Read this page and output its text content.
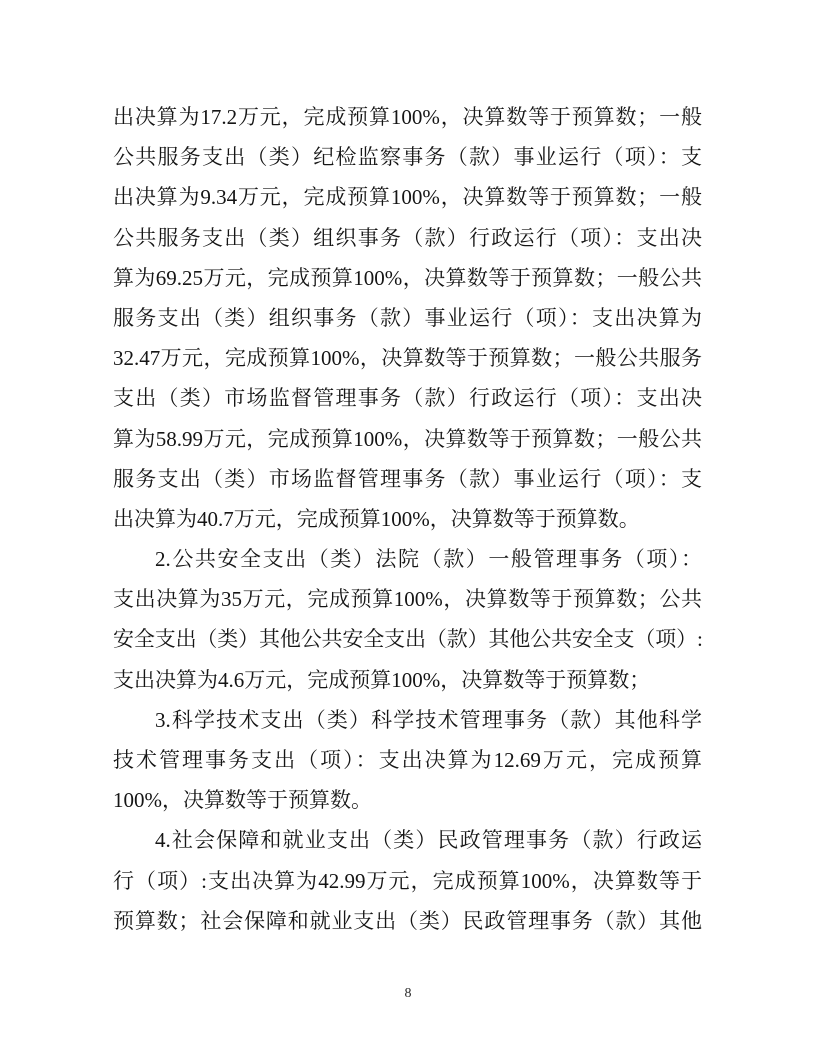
出决算为17.2万元，完成预算100%，决算数等于预算数；一般
公共服务支出（类）纪检监察事务（款）事业运行（项）：支
出决算为9.34万元，完成预算100%，决算数等于预算数；一般
公共服务支出（类）组织事务（款）行政运行（项）：支出决
算为69.25万元，完成预算100%，决算数等于预算数；一般公共
服务支出（类）组织事务（款）事业运行（项）：支出决算为
32.47万元，完成预算100%，决算数等于预算数；一般公共服务
支出（类）市场监督管理事务（款）行政运行（项）：支出决
算为58.99万元，完成预算100%，决算数等于预算数；一般公共
服务支出（类）市场监督管理事务（款）事业运行（项）：支
出决算为40.7万元，完成预算100%，决算数等于预算数。
2.公共安全支出（类）法院（款）一般管理事务（项）：
支出决算为35万元，完成预算100%，决算数等于预算数；公共
安全支出（类）其他公共安全支出（款）其他公共安全支（项）:
支出决算为4.6万元，完成预算100%，决算数等于预算数；
3.科学技术支出（类）科学技术管理事务（款）其他科学
技术管理事务支出（项）：支出决算为12.69万元，完成预算
100%，决算数等于预算数。
4.社会保障和就业支出（类）民政管理事务（款）行政运
行（项）:支出决算为42.99万元，完成预算100%，决算数等于
预算数；社会保障和就业支出（类）民政管理事务（款）其他
8
